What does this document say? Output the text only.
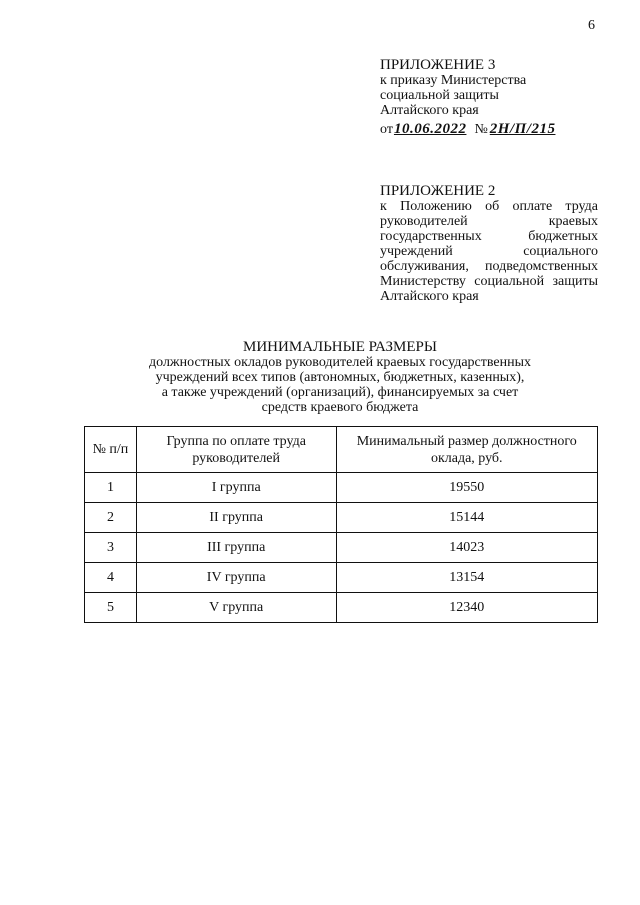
6
ПРИЛОЖЕНИЕ 3
к приказу Министерства
социальной защиты
Алтайского края
от 10.06.2022 № 2Н/П/215
ПРИЛОЖЕНИЕ 2
к Положению об оплате труда руководителей краевых государственных бюджетных учреждений социального обслуживания, подведомственных Министерству социальной защиты Алтайского края
МИНИМАЛЬНЫЕ РАЗМЕРЫ
должностных окладов руководителей краевых государственных
учреждений всех типов (автономных, бюджетных, казенных),
а также учреждений (организаций), финансируемых за счет
средств краевого бюджета
№ п/п	Группа по оплате труда руководителей	Минимальный размер должностного оклада, руб.
1	I группа	19550
2	II группа	15144
3	III группа	14023
4	IV группа	13154
5	V группа	12340
